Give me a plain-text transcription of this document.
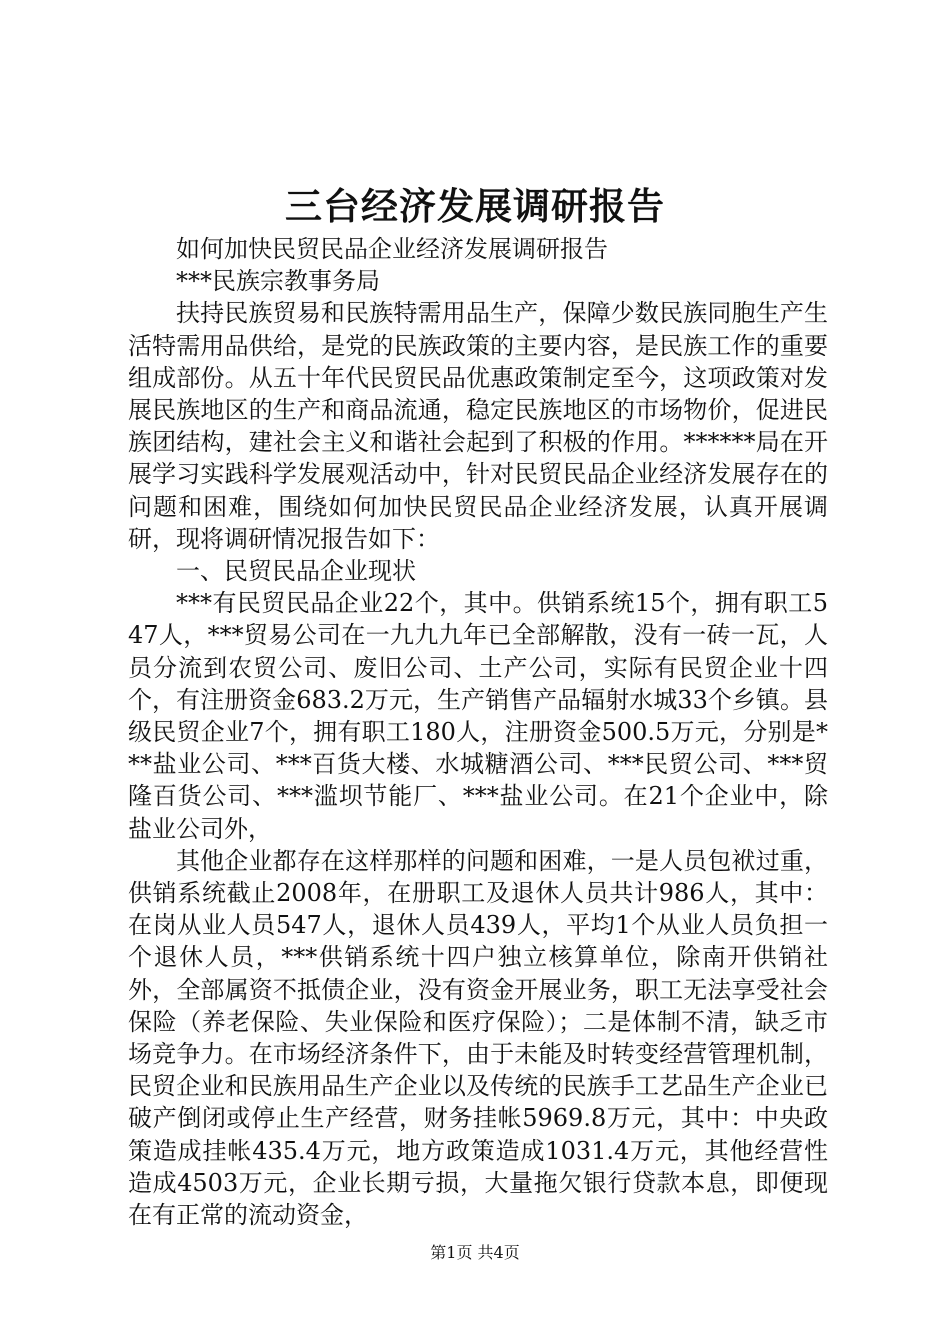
三台经济发展调研报告

如何加快民贸民品企业经济发展调研报告

***民族宗教事务局

扶持民族贸易和民族特需用品生产，保障少数民族同胞生产生活特需用品供给，是党的民族政策的主要内容，是民族工作的重要组成部份。从五十年代民贸民品优惠政策制定至今，这项政策对发展民族地区的生产和商品流通，稳定民族地区的市场物价，促进民族团结构，建社会主义和谐社会起到了积极的作用。******局在开展学习实践科学发展观活动中，针对民贸民品企业经济发展存在的问题和困难，围绕如何加快民贸民品企业经济发展，认真开展调研，现将调研情况报告如下：

一、民贸民品企业现状

***有民贸民品企业22个，其中。供销系统15个，拥有职工547人，***贸易公司在一九九九年已全部解散，没有一砖一瓦，人员分流到农贸公司、废旧公司、土产公司，实际有民贸企业十四个，有注册资金683.2万元，生产销售产品辐射水城33个乡镇。县级民贸企业7个，拥有职工180人，注册资金500.5万元，分别是***盐业公司、***百货大楼、水城糖酒公司、***民贸公司、***贸隆百货公司、***滥坝节能厂、***盐业公司。在21个企业中，除盐业公司外，

其他企业都存在这样那样的问题和困难，一是人员包袱过重，供销系统截止2008年，在册职工及退休人员共计986人，其中：在岗从业人员547人，退休人员439人，平均1个从业人员负担一个退休人员，***供销系统十四户独立核算单位，除南开供销社外，全部属资不抵债企业，没有资金开展业务，职工无法享受社会保险（养老保险、失业保险和医疗保险）；二是体制不清，缺乏市场竞争力。在市场经济条件下，由于未能及时转变经营管理机制，民贸企业和民族用品生产企业以及传统的民族手工艺品生产企业已破产倒闭或停止生产经营，财务挂帐5969.8万元，其中：中央政策造成挂帐435.4万元，地方政策造成1031.4万元，其他经营性造成4503万元，企业长期亏损，大量拖欠银行贷款本息，即便现在有正常的流动资金，

第1页 共4页
